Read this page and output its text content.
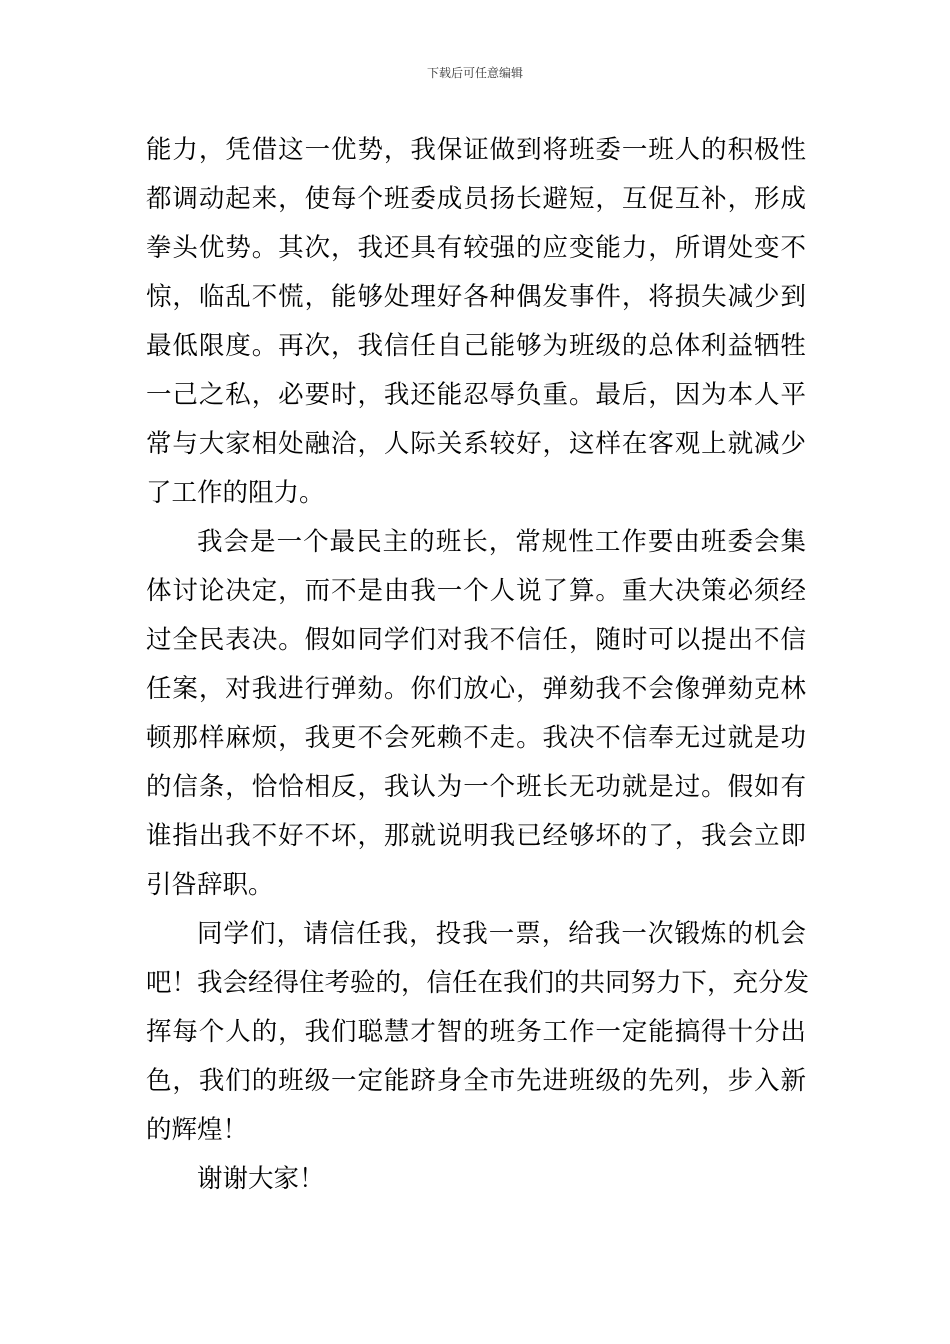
下载后可任意编辑
能力，凭借这一优势，我保证做到将班委一班人的积极性
都调动起来，使每个班委成员扬长避短，互促互补，形成
拳头优势。其次，我还具有较强的应变能力，所谓处变不
惊，临乱不慌，能够处理好各种偶发事件，将损失减少到
最低限度。再次，我信任自己能够为班级的总体利益牺牲
一己之私，必要时，我还能忍辱负重。最后，因为本人平
常与大家相处融洽，人际关系较好，这样在客观上就减少
了工作的阻力。
我会是一个最民主的班长，常规性工作要由班委会集
体讨论决定，而不是由我一个人说了算。重大决策必须经
过全民表决。假如同学们对我不信任，随时可以提出不信
任案，对我进行弹劾。你们放心，弹劾我不会像弹劾克林
顿那样麻烦，我更不会死赖不走。我决不信奉无过就是功
的信条，恰恰相反，我认为一个班长无功就是过。假如有
谁指出我不好不坏，那就说明我已经够坏的了，我会立即
引咎辞职。
同学们，请信任我，投我一票，给我一次锻炼的机会
吧！我会经得住考验的，信任在我们的共同努力下，充分发
挥每个人的，我们聪慧才智的班务工作一定能搞得十分出
色，我们的班级一定能跻身全市先进班级的先列，步入新
的辉煌！
谢谢大家！
